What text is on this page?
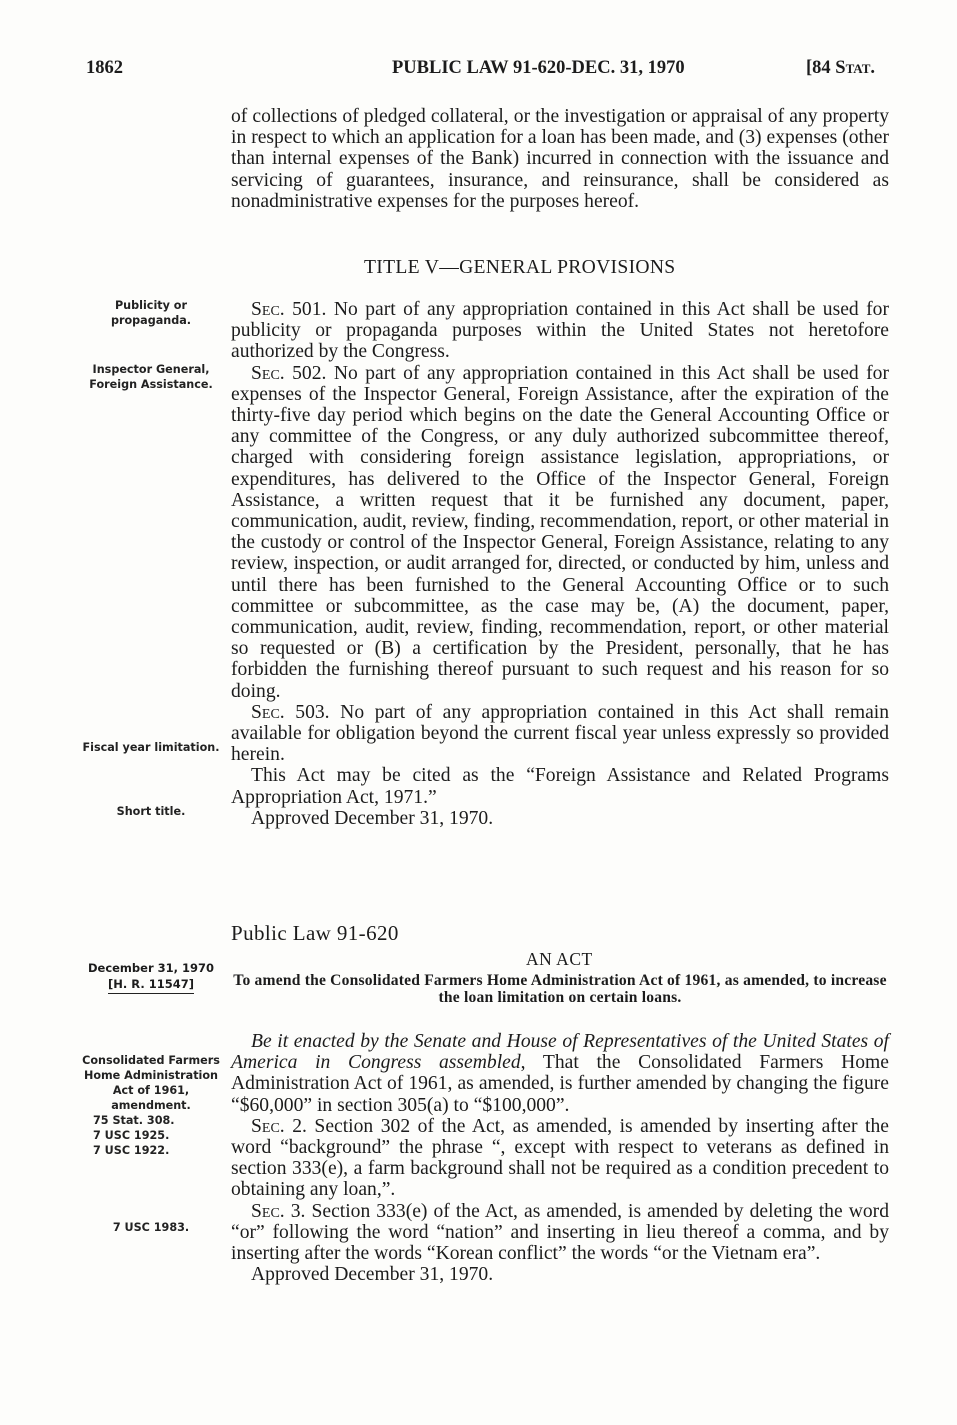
1862	PUBLIC LAW 91-620-DEC. 31, 1970	[84 Stat.

of collections of pledged collateral, or the investigation or appraisal of any property in respect to which an application for a loan has been made, and (3) expenses (other than internal expenses of the Bank) incurred in connection with the issuance and servicing of guarantees, insurance, and reinsurance, shall be considered as nonadministrative expenses for the purposes hereof.

TITLE V—GENERAL PROVISIONS
Publicity or propaganda.
Inspector General, Foreign Assistance.
Fiscal year limitation.
Short title.

Sec. 501. No part of any appropriation contained in this Act shall be used for publicity or propaganda purposes within the United States not heretofore authorized by the Congress.

Sec. 502. No part of any appropriation contained in this Act shall be used for expenses of the Inspector General, Foreign Assistance, after the expiration of the thirty-five day period which begins on the date the General Accounting Office or any committee of the Congress, or any duly authorized subcommittee thereof, charged with considering foreign assistance legislation, appropriations, or expenditures, has delivered to the Office of the Inspector General, Foreign Assistance, a written request that it be furnished any document, paper, communication, audit, review, finding, recommendation, report, or other material in the custody or control of the Inspector General, Foreign Assistance, relating to any review, inspection, or audit arranged for, directed, or conducted by him, unless and until there has been furnished to the General Accounting Office or to such committee or subcommittee, as the case may be, (A) the document, paper, communication, audit, review, finding, recommendation, report, or other material so requested or (B) a certification by the President, personally, that he has forbidden the furnishing thereof pursuant to such request and his reason for so doing.

Sec. 503. No part of any appropriation contained in this Act shall remain available for obligation beyond the current fiscal year unless expressly so provided herein.

This Act may be cited as the “Foreign Assistance and Related Programs Appropriation Act, 1971.”

Approved December 31, 1970.

Public Law 91-620
AN ACT
December 31, 1970
[H. R. 11547]	To amend the Consolidated Farmers Home Administration Act of 1961, as amended, to increase the loan limitation on certain loans.
Consolidated Farmers Home Administration Act of 1961, amendment.
75 Stat. 308.
7 USC 1925.
7 USC 1922.
7 USC 1983.

Be it enacted by the Senate and House of Representatives of the United States of America in Congress assembled, That the Consolidated Farmers Home Administration Act of 1961, as amended, is further amended by changing the figure “$60,000” in section 305(a) to “$100,000”.

Sec. 2. Section 302 of the Act, as amended, is amended by inserting after the word “background” the phrase “, except with respect to veterans as defined in section 333(e), a farm background shall not be required as a condition precedent to obtaining any loan,”.

Sec. 3. Section 333(e) of the Act, as amended, is amended by deleting the word “or” following the word “nation” and inserting in lieu thereof a comma, and by inserting after the words “Korean conflict” the words “or the Vietnam era”.

Approved December 31, 1970.
